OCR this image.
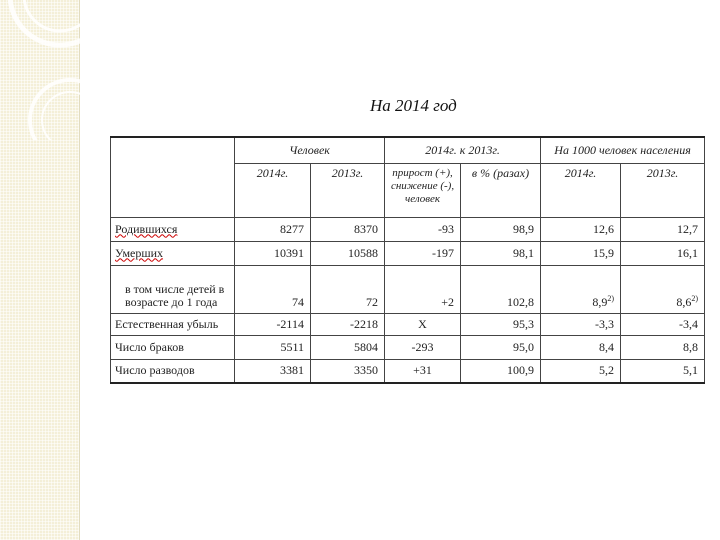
На 2014 год
	Человек		2014г. к 2013г.		На 1000 человек населения	
	2014г.	2013г.	прирост (+), снижение (-), человек	в % (разах)	2014г.	2013г.
Родившихся	8277	8370	-93	98,9	12,6	12,7
Умерших	10391	10588	-197	98,1	15,9	16,1
в том числе детей в возрасте до 1 года	74	72	+2	102,8	8,9$^{2)}$	8,6$^{2)}$
Естественная убыль	-2114	-2218	X	95,3	-3,3	-3,4
Число браков	5511	5804	-293	95,0	8,4	8,8
Число разводов	3381	3350	+31	100,9	5,2	5,1
